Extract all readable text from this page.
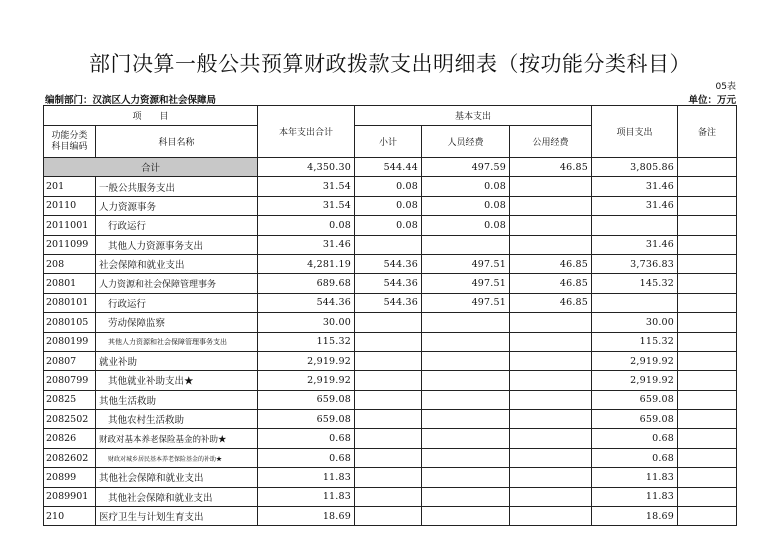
部门决算一般公共预算财政拨款支出明细表（按功能分类科目）
05表
编制部门：汉滨区人力资源和社会保障局	单位：万元
项　　目		本年支出合计	基本支出			项目支出	备注
功能分类科目编码	科目名称		小计	人员经费	公用经费		
合计		4,350.30	544.44	497.59	46.85	3,805.86	
201	一般公共服务支出	31.54	0.08	0.08		31.46	
20110	人力资源事务	31.54	0.08	0.08		31.46	
2011001	行政运行	0.08	0.08	0.08			
2011099	其他人力资源事务支出	31.46				31.46	
208	社会保障和就业支出	4,281.19	544.36	497.51	46.85	3,736.83	
20801	人力资源和社会保障管理事务	689.68	544.36	497.51	46.85	145.32	
2080101	行政运行	544.36	544.36	497.51	46.85		
2080105	劳动保障监察	30.00				30.00	
2080199	其他人力资源和社会保障管理事务支出	115.32				115.32	
20807	就业补助	2,919.92				2,919.92	
2080799	其他就业补助支出★	2,919.92				2,919.92	
20825	其他生活救助	659.08				659.08	
2082502	其他农村生活救助	659.08				659.08	
20826	财政对基本养老保险基金的补助★	0.68				0.68	
2082602	财政对城乡居民基本养老保险基金的补助★	0.68				0.68	
20899	其他社会保障和就业支出	11.83				11.83	
2089901	其他社会保障和就业支出	11.83				11.83	
210	医疗卫生与计划生育支出	18.69				18.69	
